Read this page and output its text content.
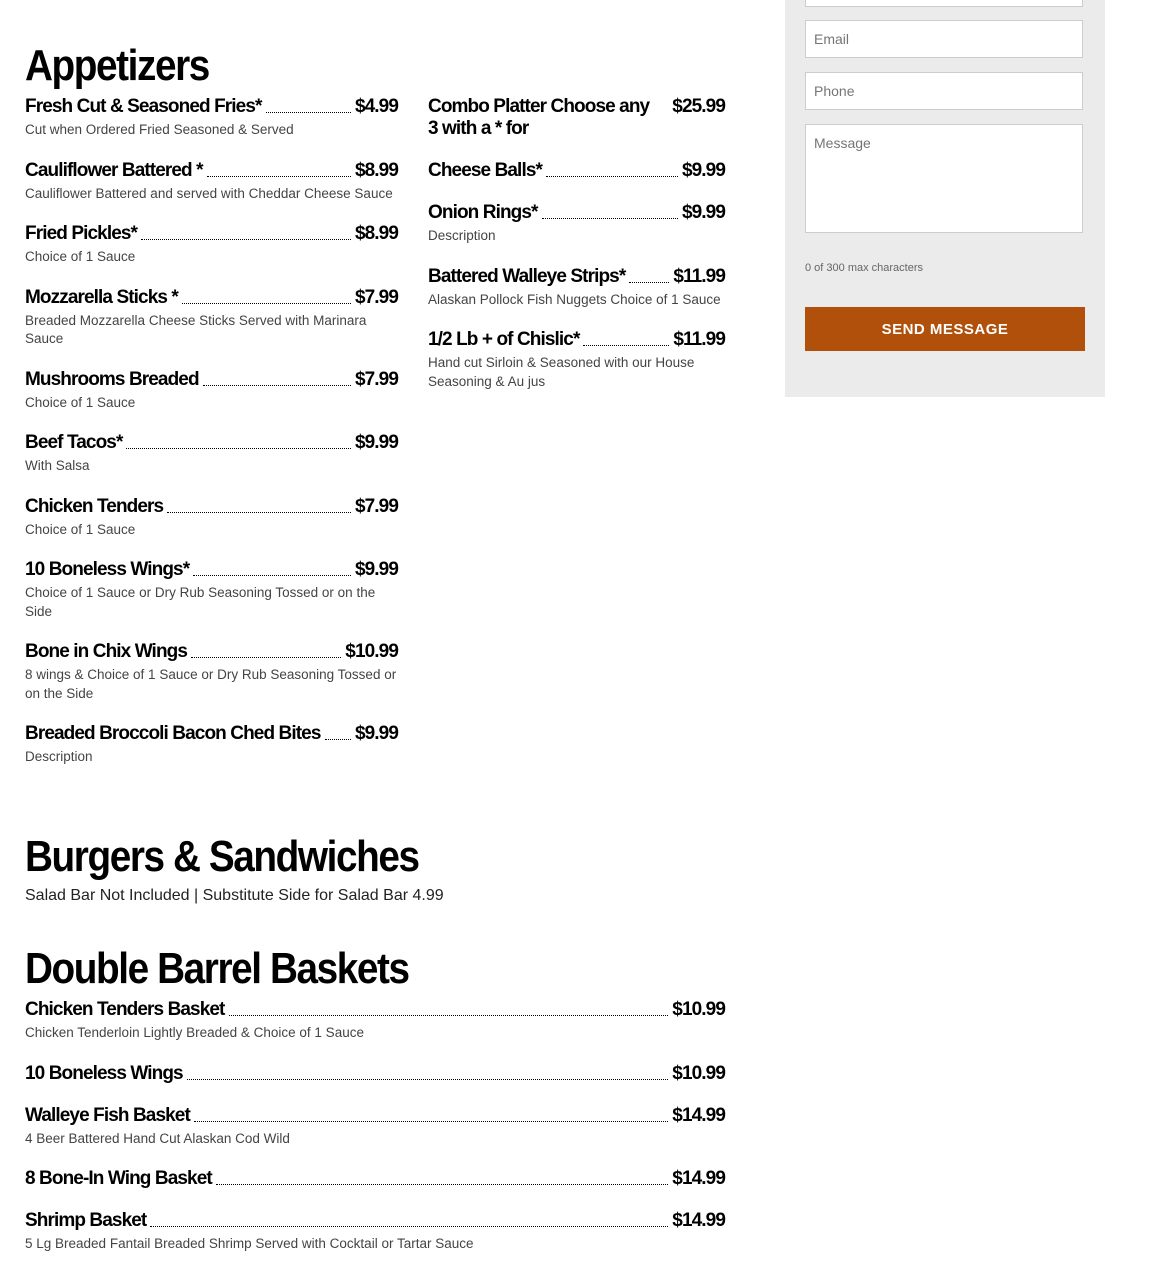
Appetizers
Fresh Cut & Seasoned Fries*	$4.99
Cut when Ordered Fried Seasoned & Served
Cauliflower Battered *	$8.99
Cauliflower Battered and served with Cheddar Cheese Sauce
Fried Pickles*	$8.99
Choice of 1 Sauce
Mozzarella Sticks *	$7.99
Breaded Mozzarella Cheese Sticks Served with Marinara Sauce
Mushrooms Breaded	$7.99
Choice of 1 Sauce
Beef Tacos*	$9.99
With Salsa
Chicken Tenders	$7.99
Choice of 1 Sauce
10 Boneless Wings*	$9.99
Choice of 1 Sauce or Dry Rub Seasoning Tossed or on the Side
Bone in Chix Wings	$10.99
8 wings & Choice of 1 Sauce or Dry Rub Seasoning Tossed or on the Side
Breaded Broccoli Bacon Ched Bites $9.99
Description
Combo Platter Choose any 3 with a * for
$25.99
Cheese Balls*	$9.99
Onion Rings*	$9.99
Description
Battered Walleye Strips*	$11.99
Alaskan Pollock Fish Nuggets Choice of 1 Sauce
1/2 Lb + of Chislic*	$11.99
Hand cut Sirloin & Seasoned with our House Seasoning & Au jus
Burgers & Sandwiches
Salad Bar Not Included | Substitute Side for Salad Bar 4.99
Double Barrel Baskets
Chicken Tenders Basket	$10.99
Chicken Tenderloin Lightly Breaded & Choice of 1 Sauce
10 Boneless Wings	$10.99
Walleye Fish Basket	$14.99
4 Beer Battered Hand Cut Alaskan Cod Wild
8 Bone-In Wing Basket	$14.99
Shrimp Basket	$14.99
5 Lg Breaded Fantail Breaded Shrimp Served with Cocktail or Tartar Sauce
Email
Phone
Message
0 of 300 max characters
SEND MESSAGE
